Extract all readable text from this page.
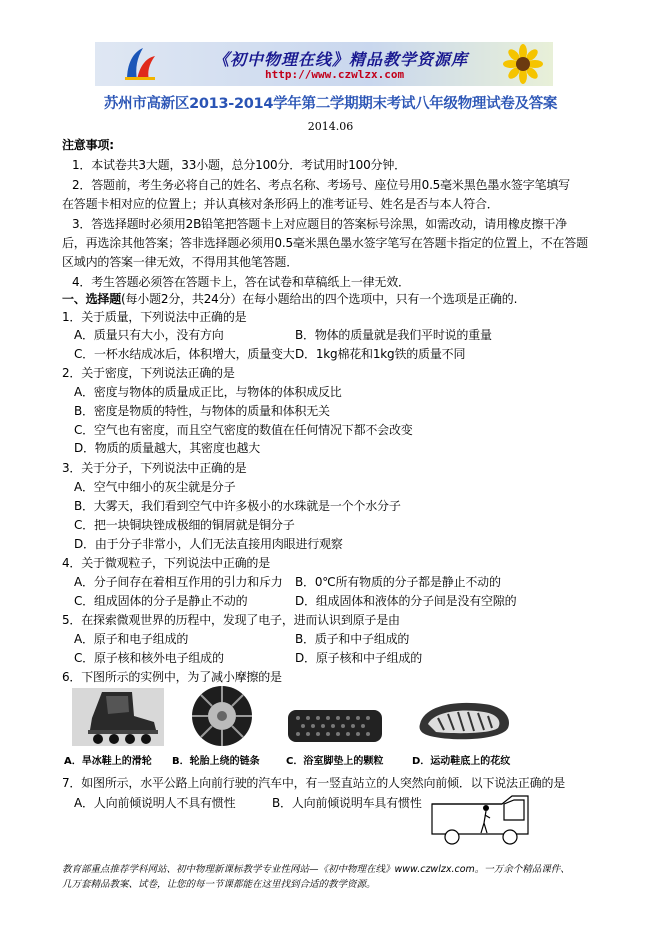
《初中物理在线》精品教学资源库
http://www.czwlzx.com
苏州市高新区2013-2014学年第二学期期末考试八年级物理试卷及答案
2014.06
注意事项:
1．本试卷共3大题，33小题，总分100分．考试用时100分钟．
2．答题前，考生务必将自己的姓名、考点名称、考场号、座位号用0.5毫米黑色墨水签字笔填写
在答题卡相对应的位置上；并认真核对条形码上的准考证号、姓名是否与本人符合．
3．答选择题时必须用2B铅笔把答题卡上对应题目的答案标号涂黑，如需改动，请用橡皮擦干净
后，再选涂其他答案；答非选择题必须用0.5毫米黑色墨水签字笔写在答题卡指定的位置上，不在答题
区域内的答案一律无效，不得用其他笔答题．
4．考生答题必须答在答题卡上，答在试卷和草稿纸上一律无效．
一、选择题(每小题2分，共24分）在每小题给出的四个选项中，只有一个选项是正确的.
1．关于质量，下列说法中正确的是
A．质量只有大小，没有方向	B．物体的质量就是我们平时说的重量
C．一杯水结成冰后，体积增大，质量变大 D．1kg棉花和1kg铁的质量不同
2．关于密度，下列说法正确的是
A．密度与物体的质量成正比，与物体的体积成反比
B．密度是物质的特性，与物体的质量和体积无关
C．空气也有密度，而且空气密度的数值在任何情况下都不会改变
D．物质的质量越大，其密度也越大
3．关于分子，下列说法中正确的是
A．空气中细小的灰尘就是分子
B．大雾天，我们看到空气中许多极小的水珠就是一个个水分子
C．把一块铜块锉成极细的铜屑就是铜分子
D．由于分子非常小，人们无法直接用肉眼进行观察
4．关于微观粒子，下列说法中正确的是
A．分子间存在着相互作用的引力和斥力 B．0℃所有物质的分子都是静止不动的
C．组成固体的分子是静止不动的	D．组成固体和液体的分子间是没有空隙的
5．在探索微观世界的历程中，发现了电子，进而认识到原子是由
A．原子和电子组成的	B．质子和中子组成的
C．原子核和核外电子组成的	D．原子核和中子组成的
6．下图所示的实例中，为了减小摩擦的是
A．旱冰鞋上的滑轮 B．轮胎上绕的链条	C．浴室脚垫上的颗粒	D．运动鞋底上的花纹
7．如图所示，水平公路上向前行驶的汽车中，有一竖直站立的人突然向前倾．以下说法正确的是
A．人向前倾说明人不具有惯性	B．人向前倾说明车具有惯性
教育部重点推荐学科网站、初中物理新课标教学专业性网站—《初中物理在线》www.czwlzx.com。一万余个精品课件、
几万套精品教案、试卷，让您的每一节课都能在这里找到合适的教学资源。
